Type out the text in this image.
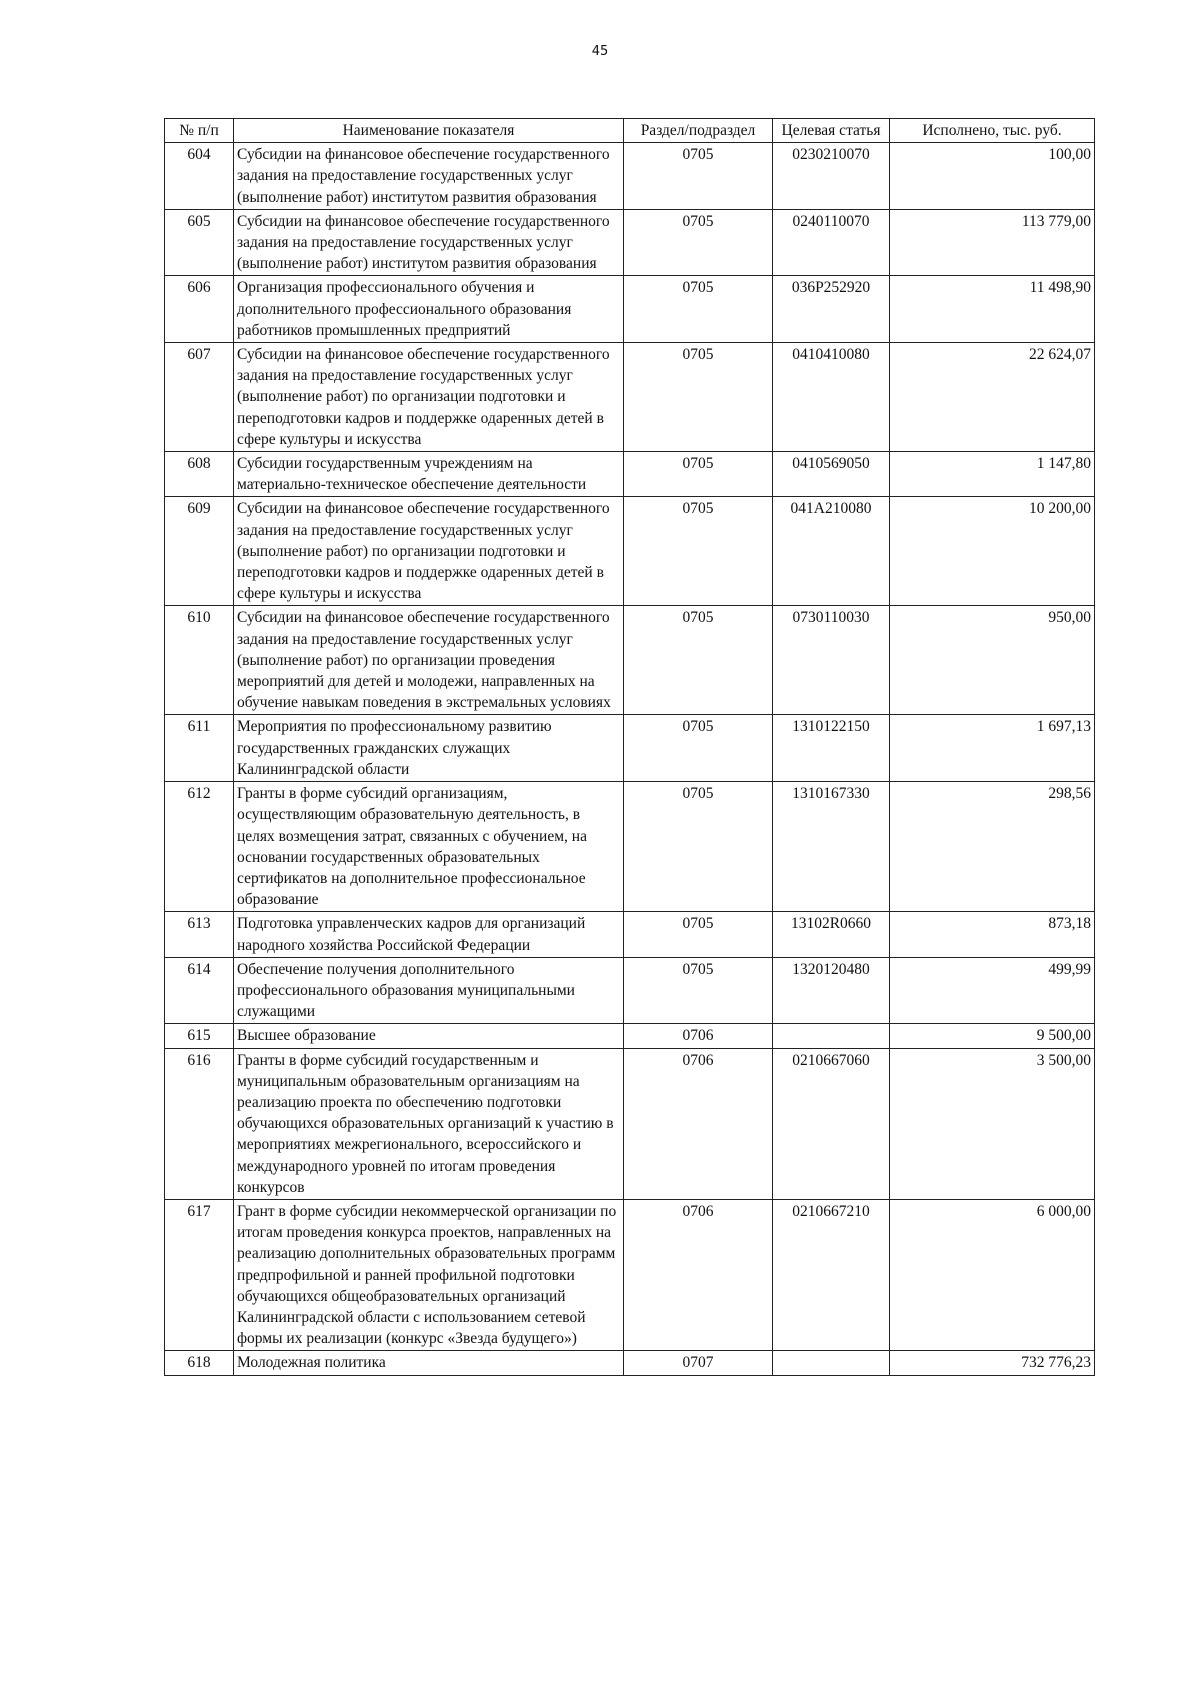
45
№ п/п	Наименование показателя	Раздел/подраздел	Целевая статья	Исполнено, тыс. руб.
604	Субсидии на финансовое обеспечение государственного задания на предоставление государственных услуг (выполнение работ) институтом развития образования	0705	0230210070	100,00
605	Субсидии на финансовое обеспечение государственного задания на предоставление государственных услуг (выполнение работ) институтом развития образования	0705	0240110070	113 779,00
606	Организация профессионального обучения и дополнительного профессионального образования работников промышленных предприятий	0705	036P252920	11 498,90
607	Субсидии на финансовое обеспечение государственного задания на предоставление государственных услуг (выполнение работ) по организации подготовки и переподготовки кадров и поддержке одаренных детей в сфере культуры и искусства	0705	0410410080	22 624,07
608	Субсидии государственным учреждениям на материально-техническое обеспечение деятельности	0705	0410569050	1 147,80
609	Субсидии на финансовое обеспечение государственного задания на предоставление государственных услуг (выполнение работ) по организации подготовки и переподготовки кадров и поддержке одаренных детей в сфере культуры и искусства	0705	041A210080	10 200,00
610	Субсидии на финансовое обеспечение государственного задания на предоставление государственных услуг (выполнение работ) по организации проведения мероприятий для детей и молодежи, направленных на обучение навыкам поведения в экстремальных условиях	0705	0730110030	950,00
611	Мероприятия по профессиональному развитию государственных гражданских служащих Калининградской области	0705	1310122150	1 697,13
612	Гранты в форме субсидий организациям, осуществляющим образовательную деятельность, в целях возмещения затрат, связанных с обучением, на основании государственных образовательных сертификатов на дополнительное профессиональное образование	0705	1310167330	298,56
613	Подготовка управленческих кадров для организаций народного хозяйства Российской Федерации	0705	13102R0660	873,18
614	Обеспечение получения дополнительного профессионального образования муниципальными служащими	0705	1320120480	499,99
615	Высшее образование	0706		9 500,00
616	Гранты в форме субсидий государственным и муниципальным образовательным организациям на реализацию проекта по обеспечению подготовки обучающихся образовательных организаций к участию в мероприятиях межрегионального, всероссийского и международного уровней по итогам проведения конкурсов	0706	0210667060	3 500,00
617	Грант в форме субсидии некоммерческой организации по итогам проведения конкурса проектов, направленных на реализацию дополнительных образовательных программ предпрофильной и ранней профильной подготовки обучающихся общеобразовательных организаций Калининградской области с использованием сетевой формы их реализации (конкурс «Звезда будущего»)	0706	0210667210	6 000,00
618	Молодежная политика	0707		732 776,23
